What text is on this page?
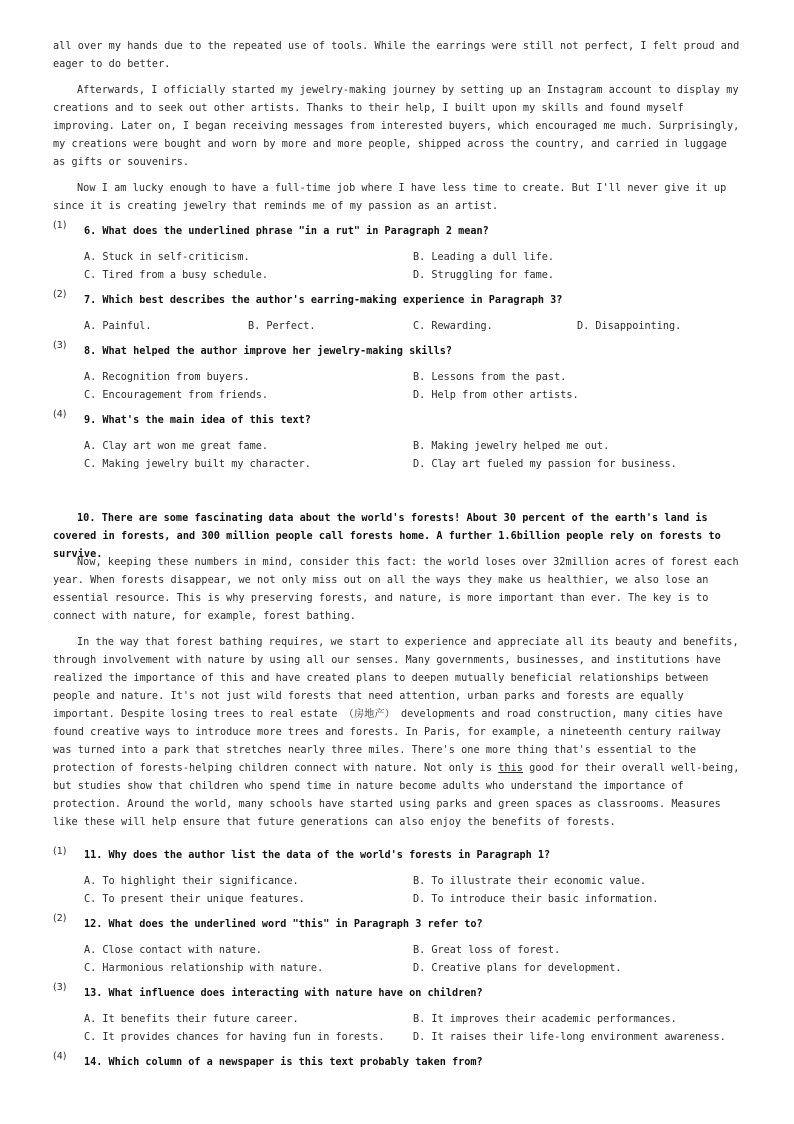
all over my hands due to the repeated use of tools. While the earrings were still not perfect, I felt proud and eager to do better.

Afterwards, I officially started my jewelry-making journey by setting up an Instagram account to display my creations and to seek out other artists. Thanks to their help, I built upon my skills and found myself improving. Later on, I began receiving messages from interested buyers, which encouraged me much. Surprisingly, my creations were bought and worn by more and more people, shipped across the country, and carried in luggage as gifts or souvenirs.

Now I am lucky enough to have a full-time job where I have less time to create. But I'll never give it up since it is creating jewelry that reminds me of my passion as an artist.

(1)
6. What does the underlined phrase "in a rut" in Paragraph 2 mean?
A. Stuck in self-criticism.	B. Leading a dull life.
C. Tired from a busy schedule.	D. Struggling for fame.
(2)
7. Which best describes the author's earring-making experience in Paragraph 3?
A. Painful.	B. Perfect.	C. Rewarding.	D. Disappointing.
(3)
8. What helped the author improve her jewelry-making skills?
A. Recognition from buyers.	B. Lessons from the past.
C. Encouragement from friends.	D. Help from other artists.
(4)
9. What's the main idea of this text?
A. Clay art won me great fame.	B. Making jewelry helped me out.
C. Making jewelry built my character.	D. Clay art fueled my passion for business.

10. There are some fascinating data about the world's forests! About 30 percent of the earth's land is covered in forests, and 300 million people call forests home. A further 1.6billion people rely on forests to survive.

Now, keeping these numbers in mind, consider this fact: the world loses over 32million acres of forest each year. When forests disappear, we not only miss out on all the ways they make us healthier, we also lose an essential resource. This is why preserving forests, and nature, is more important than ever. The key is to connect with nature, for example, forest bathing.

In the way that forest bathing requires, we start to experience and appreciate all its beauty and benefits, through involvement with nature by using all our senses. Many governments, businesses, and institutions have realized the importance of this and have created plans to deepen mutually beneficial relationships between people and nature. It's not just wild forests that need attention, urban parks and forests are equally important. Despite losing trees to real estate （房地产） developments and road construction, many cities have found creative ways to introduce more trees and forests. In Paris, for example, a nineteenth century railway was turned into a park that stretches nearly three miles. There's one more thing that's essential to the protection of forests-helping children connect with nature. Not only is this good for their overall well-being, but studies show that children who spend time in nature become adults who understand the importance of protection. Around the world, many schools have started using parks and green spaces as classrooms. Measures like these will help ensure that future generations can also enjoy the benefits of forests.

(1) 11. Why does the author list the data of the world's forests in Paragraph 1?
A. To highlight their significance.	B. To illustrate their economic value.
C. To present their unique features.	D. To introduce their basic information.
(2)
12. What does the underlined word "this" in Paragraph 3 refer to?
A. Close contact with nature.	B. Great loss of forest.
C. Harmonious relationship with nature.	D. Creative plans for development.
(3)
13. What influence does interacting with nature have on children?
A. It benefits their future career.	B. It improves their academic performances.
C. It provides chances for having fun in forests.	D. It raises their life-long environment awareness.
(4)
14. Which column of a newspaper is this text probably taken from?
